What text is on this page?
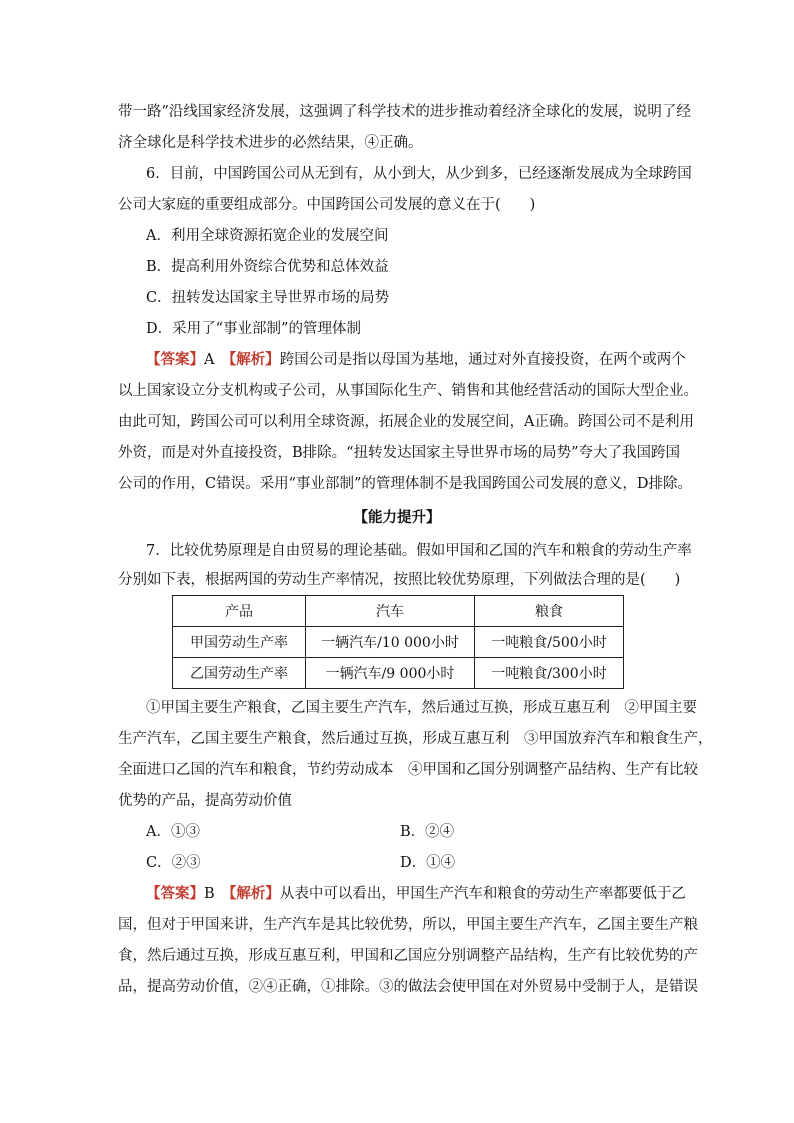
带一路”沿线国家经济发展，这强调了科学技术的进步推动着经济全球化的发展，说明了经
济全球化是科学技术进步的必然结果，④正确。
6．目前，中国跨国公司从无到有，从小到大，从少到多，已经逐渐发展成为全球跨国
公司大家庭的重要组成部分。中国跨国公司发展的意义在于(　　)
A．利用全球资源拓宽企业的发展空间
B．提高利用外资综合优势和总体效益
C．扭转发达国家主导世界市场的局势
D．采用了“事业部制”的管理体制
【答案】A　【解析】跨国公司是指以母国为基地，通过对外直接投资，在两个或两个
以上国家设立分支机构或子公司，从事国际化生产、销售和其他经营活动的国际大型企业。
由此可知，跨国公司可以利用全球资源，拓展企业的发展空间，A正确。跨国公司不是利用
外资，而是对外直接投资，B排除。“扭转发达国家主导世界市场的局势”夸大了我国跨国
公司的作用，C错误。采用“事业部制”的管理体制不是我国跨国公司发展的意义，D排除。
【能力提升】
7．比较优势原理是自由贸易的理论基础。假如甲国和乙国的汽车和粮食的劳动生产率
分别如下表，根据两国的劳动生产率情况，按照比较优势原理，下列做法合理的是(　　)
产品	汽车	粮食
甲国劳动生产率	一辆汽车/10 000小时	一吨粮食/500小时
乙国劳动生产率	一辆汽车/9 000小时	一吨粮食/300小时
①甲国主要生产粮食，乙国主要生产汽车，然后通过互换，形成互惠互利　②甲国主要
生产汽车，乙国主要生产粮食，然后通过互换，形成互惠互利　③甲国放弃汽车和粮食生产，
全面进口乙国的汽车和粮食，节约劳动成本　④甲国和乙国分别调整产品结构、生产有比较
优势的产品，提高劳动价值
A．①③	B．②④
C．②③	D．①④
【答案】B　【解析】从表中可以看出，甲国生产汽车和粮食的劳动生产率都要低于乙
国，但对于甲国来讲，生产汽车是其比较优势，所以，甲国主要生产汽车，乙国主要生产粮
食，然后通过互换，形成互惠互利，甲国和乙国应分别调整产品结构，生产有比较优势的产
品，提高劳动价值，②④正确，①排除。③的做法会使甲国在对外贸易中受制于人，是错误
